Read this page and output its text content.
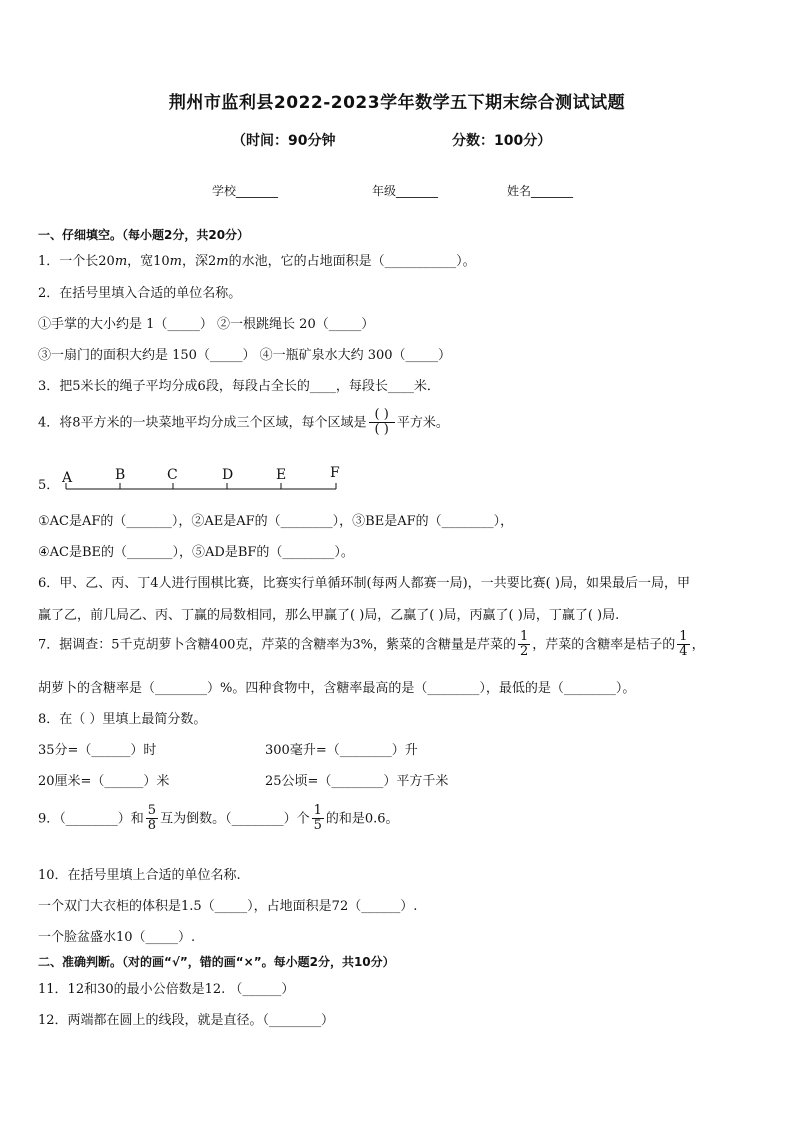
荆州市监利县2022-2023学年数学五下期末综合测试试题
（时间：90分钟	分数：100分）
学校_______	年级_______	姓名_______
一、仔细填空。（每小题2分，共20分）
1．一个长20𝑚，宽10𝑚，深2𝑚的水池，它的占地面积是（___________）。
2．在括号里填入合适的单位名称。
①手掌的大小约是 1（_____） ②一根跳绳长 20（_____）
③一扇门的面积大约是 150（_____） ④一瓶矿泉水大约 300（_____）
3．把5米长的绳子平均分成6段，每段占全长的____，每段长____米．
4．将8平方米的一块菜地平均分成三个区域，每个区域是 $\frac{( )}{( )}$ 平方米。
5． A	B	C	D	E	F
①AC是AF的（_______），②AE是AF的（________），③BE是AF的（________），
④AC是BE的（_______），⑤AD是BF的（________）。
6．甲、乙、丙、丁4人进行围棋比赛，比赛实行单循环制(每两人都赛一局)，一共要比赛( )局，如果最后一局，甲
赢了乙，前几局乙、丙、丁赢的局数相同，那么甲赢了( )局，乙赢了( )局，丙赢了( )局，丁赢了( )局.
7．据调查：5千克胡萝卜含糖400克，芹菜的含糖率为3%，紫菜的含糖量是芹菜的 $\frac{1}{2}$ ，芹菜的含糖率是桔子的 $\frac{1}{4}$ ，
胡萝卜的含糖率是（________）%。四种食物中，含糖率最高的是（________），最低的是（________）。
8．在（ ）里填上最简分数。
35分=（______）时	300毫升=（________）升
20厘米=（______）米	25公顷=（________）平方千米
9．（________）和 $\frac{5}{8}$ 互为倒数。（________）个 $\frac{1}{5}$ 的和是0.6。
10．在括号里填上合适的单位名称.
一个双门大衣柜的体积是1.5（_____），占地面积是72（______）.
一个脸盆盛水10（_____）.
二、准确判断。（对的画“√”，错的画“×”。每小题2分，共10分）
11．12和30的最小公倍数是12. （______）
12．两端都在圆上的线段，就是直径。（________）
